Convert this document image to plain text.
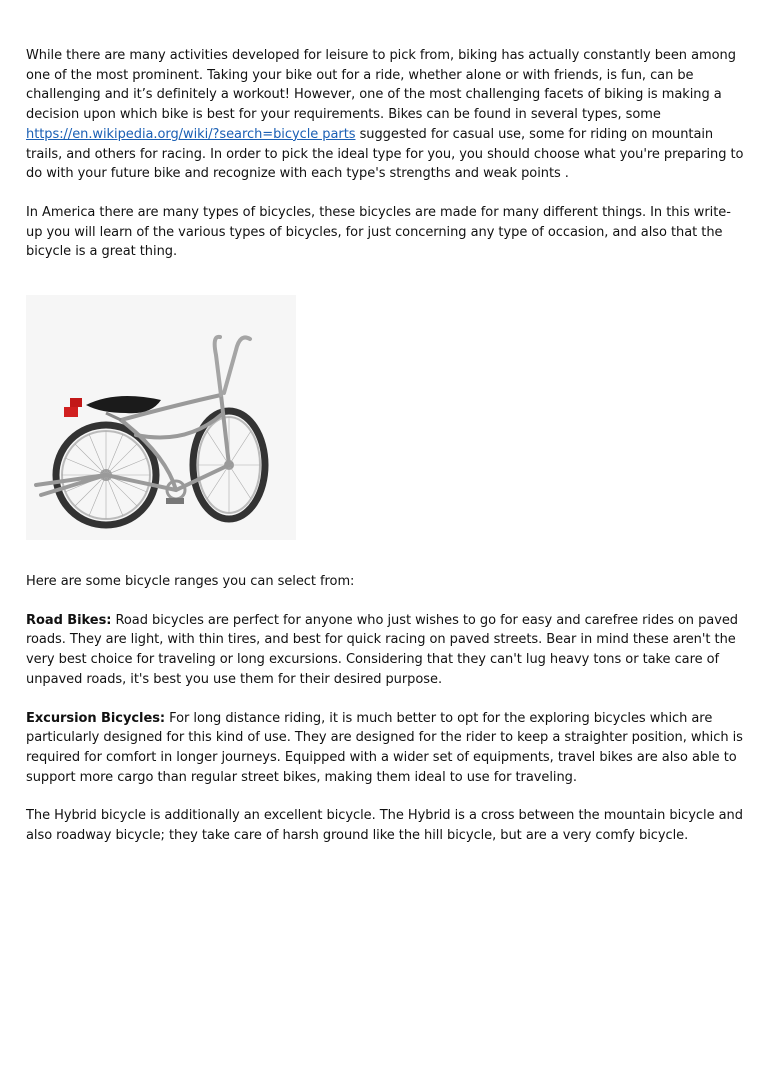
While there are many activities developed for leisure to pick from, biking has actually constantly been among one of the most prominent. Taking your bike out for a ride, whether alone or with friends, is fun, can be challenging and it’s definitely a workout! However, one of the most challenging facets of biking is making a decision upon which bike is best for your requirements. Bikes can be found in several types, some https://en.wikipedia.org/wiki/?search=bicycle parts suggested for casual use, some for riding on mountain trails, and others for racing. In order to pick the ideal type for you, you should choose what you're preparing to do with your future bike and recognize with each type's strengths and weak points .

In America there are many types of bicycles, these bicycles are made for many different things. In this write-up you will learn of the various types of bicycles, for just concerning any type of occasion, and also that the bicycle is a great thing.

Here are some bicycle ranges you can select from:

Road Bikes: Road bicycles are perfect for anyone who just wishes to go for easy and carefree rides on paved roads. They are light, with thin tires, and best for quick racing on paved streets. Bear in mind these aren't the very best choice for traveling or long excursions. Considering that they can't lug heavy tons or take care of unpaved roads, it's best you use them for their desired purpose.

Excursion Bicycles: For long distance riding, it is much better to opt for the exploring bicycles which are particularly designed for this kind of use. They are designed for the rider to keep a straighter position, which is required for comfort in longer journeys. Equipped with a wider set of equipments, travel bikes are also able to support more cargo than regular street bikes, making them ideal to use for traveling.

The Hybrid bicycle is additionally an excellent bicycle. The Hybrid is a cross between the mountain bicycle and also roadway bicycle; they take care of harsh ground like the hill bicycle, but are a very comfy bicycle.
